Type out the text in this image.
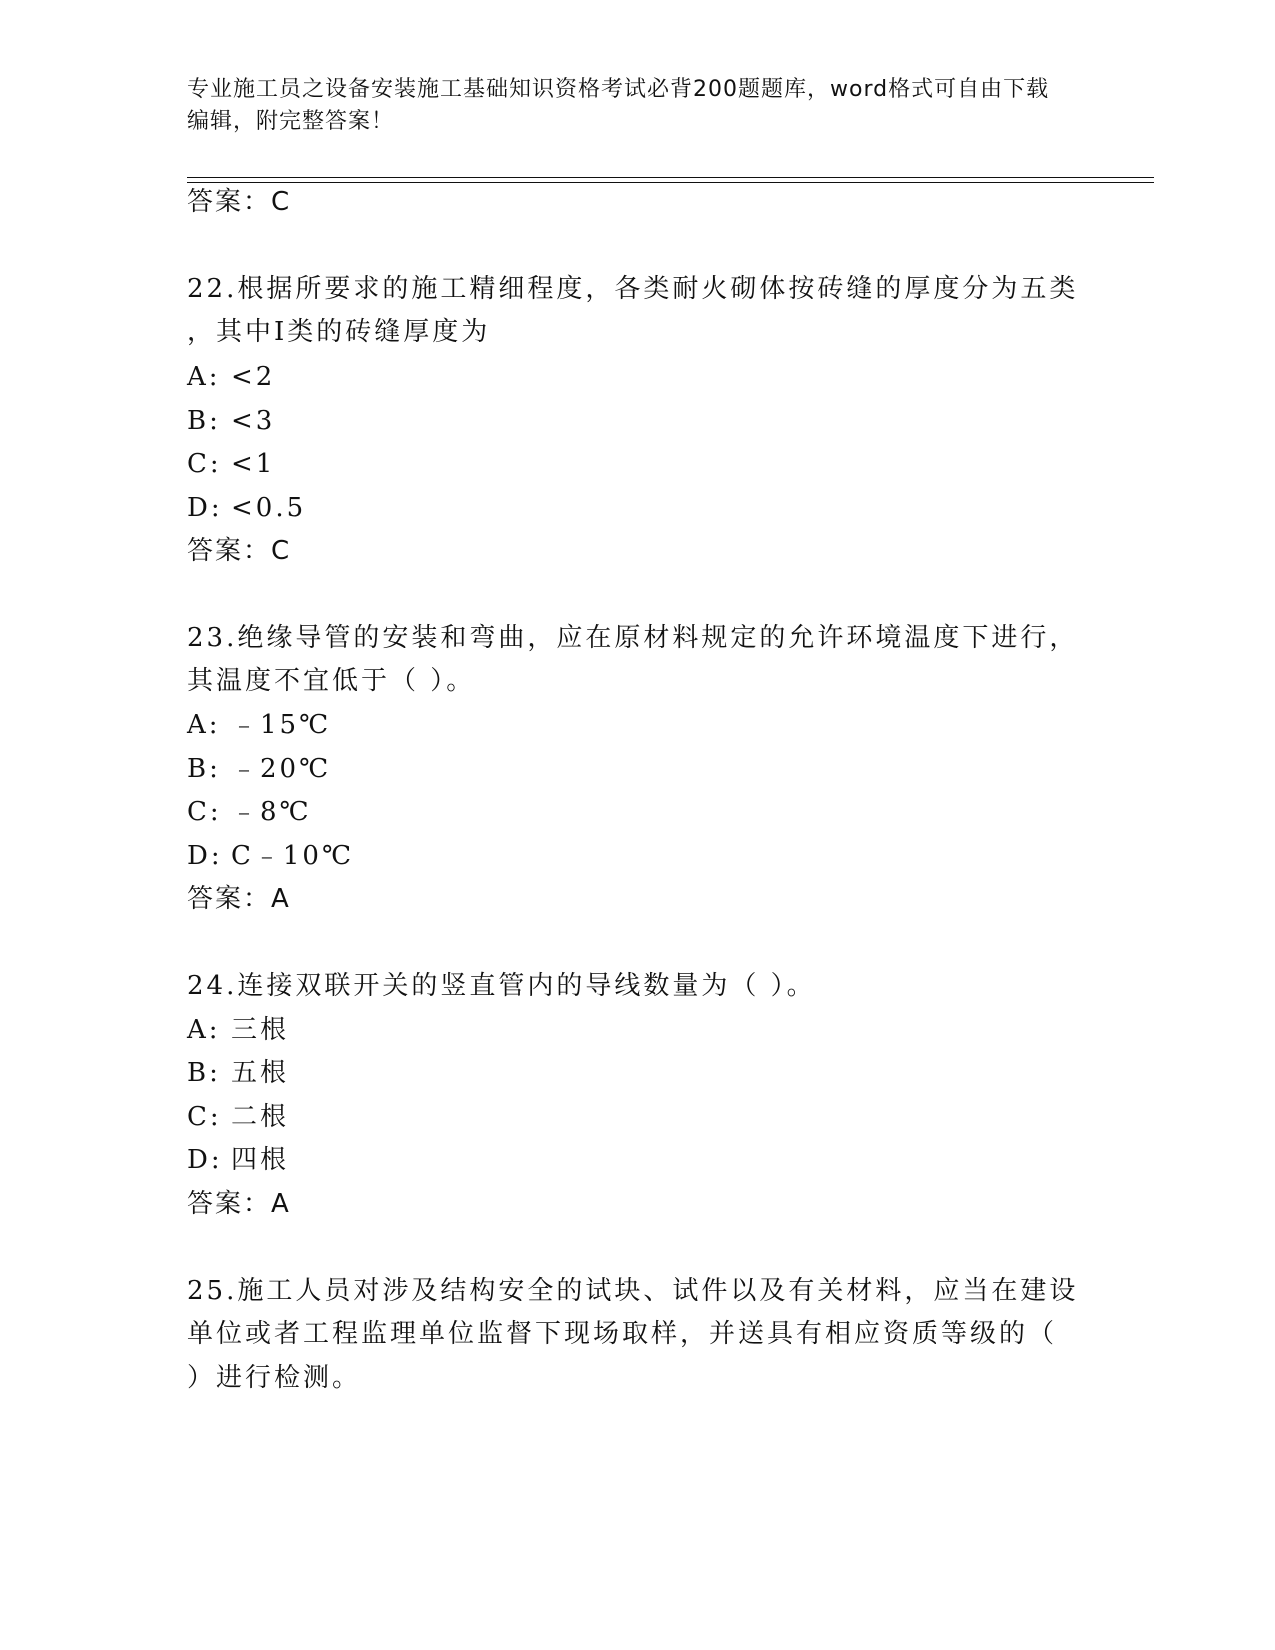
专业施工员之设备安装施工基础知识资格考试必背200题题库，word格式可自由下载编辑，附完整答案！
答案：C
22.根据所要求的施工精细程度，各类耐火砌体按砖缝的厚度分为五类
，其中Ⅰ类的砖缝厚度为
A: <2
B: <3
C: <1
D: <0.5
答案：C
23.绝缘导管的安装和弯曲，应在原材料规定的允许环境温度下进行，
其温度不宜低于（ ）。
A: ﹣15℃
B: ﹣20℃
C: ﹣8℃
D: C﹣10℃
答案：A
24.连接双联开关的竖直管内的导线数量为（ ）。
A: 三根
B: 五根
C: 二根
D: 四根
答案：A
25.施工人员对涉及结构安全的试块、试件以及有关材料，应当在建设
单位或者工程监理单位监督下现场取样，并送具有相应资质等级的（
）进行检测。
